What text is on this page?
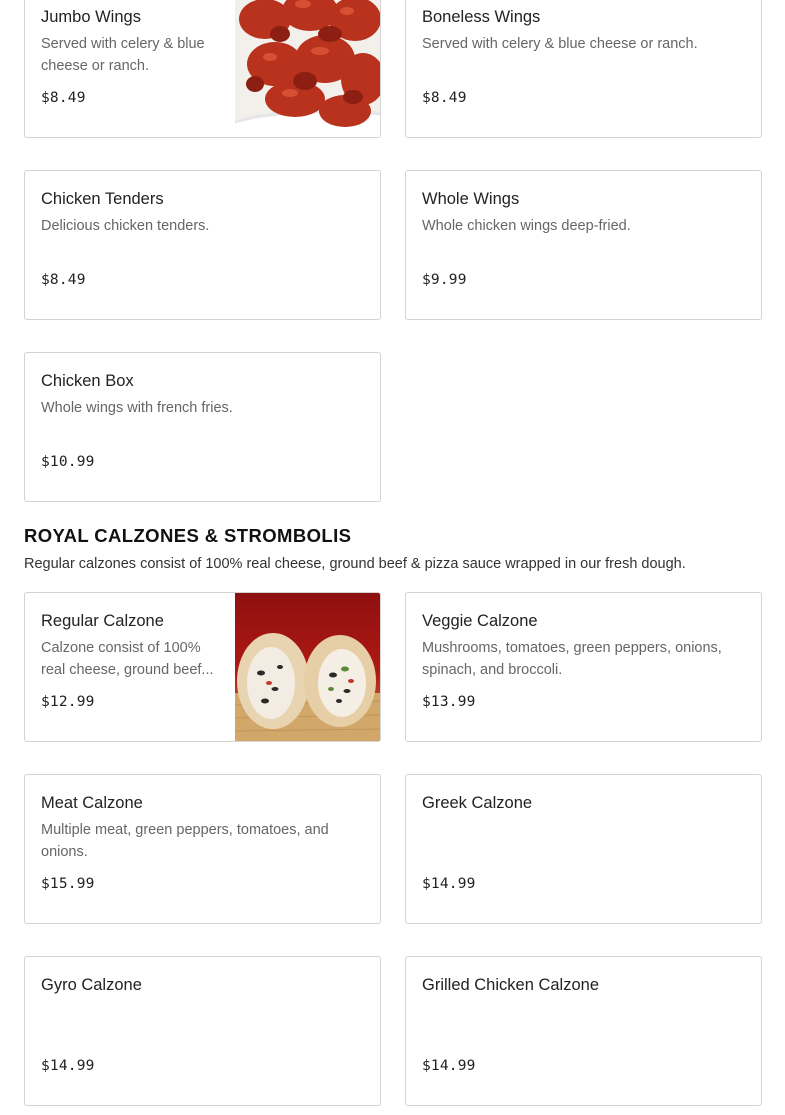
Jumbo Wings
Served with celery & blue cheese or ranch.
$8.49
Boneless Wings
Served with celery & blue cheese or ranch.
$8.49
Chicken Tenders
Delicious chicken tenders.
$8.49
Whole Wings
Whole chicken wings deep-fried.
$9.99
Chicken Box
Whole wings with french fries.
$10.99
ROYAL CALZONES & STROMBOLIS
Regular calzones consist of 100% real cheese, ground beef & pizza sauce wrapped in our fresh dough.
Regular Calzone
Calzone consist of 100% real cheese, ground beef...
$12.99
Veggie Calzone
Mushrooms, tomatoes, green peppers, onions, spinach, and broccoli.
$13.99
Meat Calzone
Multiple meat, green peppers, tomatoes, and onions.
$15.99
Greek Calzone
$14.99
Gyro Calzone
$14.99
Grilled Chicken Calzone
$14.99
